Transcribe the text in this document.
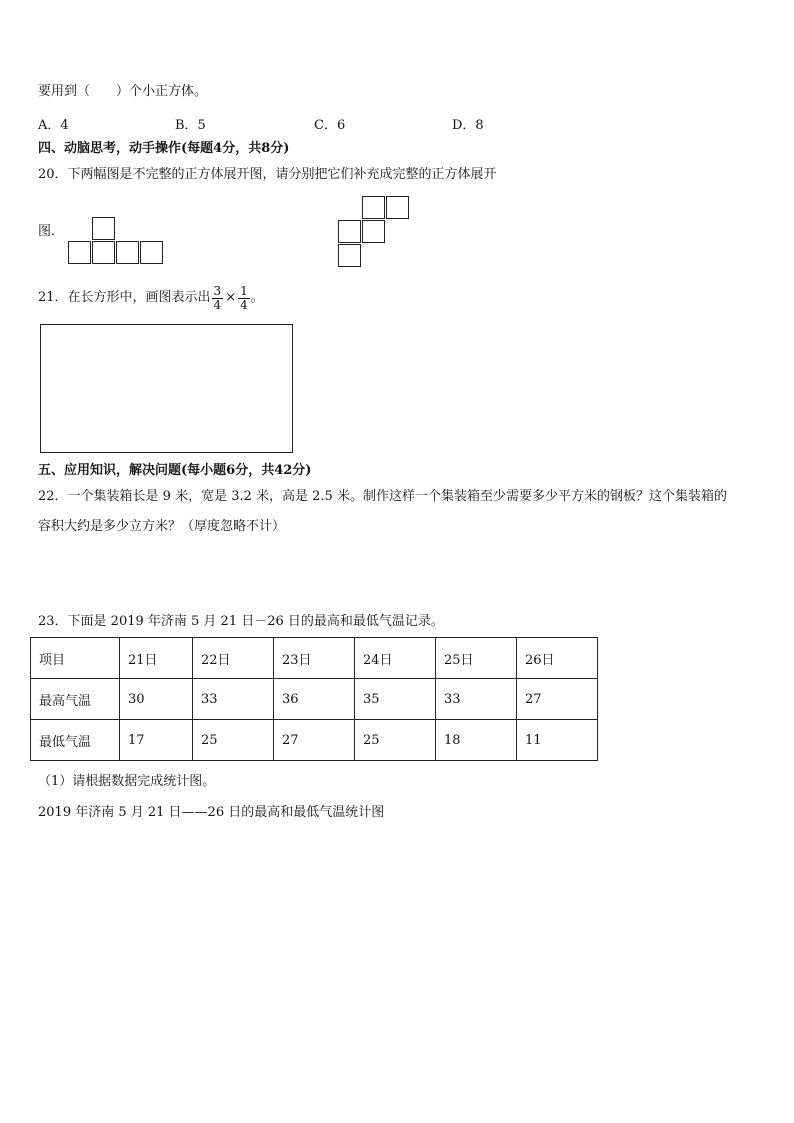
要用到（　　）个小正方体。
A．4	B．5	C．6	D．8
四、动脑思考，动手操作(每题4分，共8分)
20．下两幅图是不完整的正方体展开图，请分别把它们补充成完整的正方体展开
图．
21．在长方形中，画图表示出 $\frac{3}{4} \times \frac{1}{4}$ 。
五、应用知识，解决问题(每小题6分，共42分)
22．一个集装箱长是 9 米，宽是 3.2 米，高是 2.5 米。制作这样一个集装箱至少需要多少平方米的钢板？这个集装箱的
容积大约是多少立方米？（厚度忽略不计）
23．下面是 2019 年济南 5 月 21 日－26 日的最高和最低气温记录。
项目	21日	22日	23日	24日	25日	26日
最高气温	30	33	36	35	33	27
最低气温	17	25	27	25	18	11
（1）请根据数据完成统计图。
2019 年济南 5 月 21 日——26 日的最高和最低气温统计图
